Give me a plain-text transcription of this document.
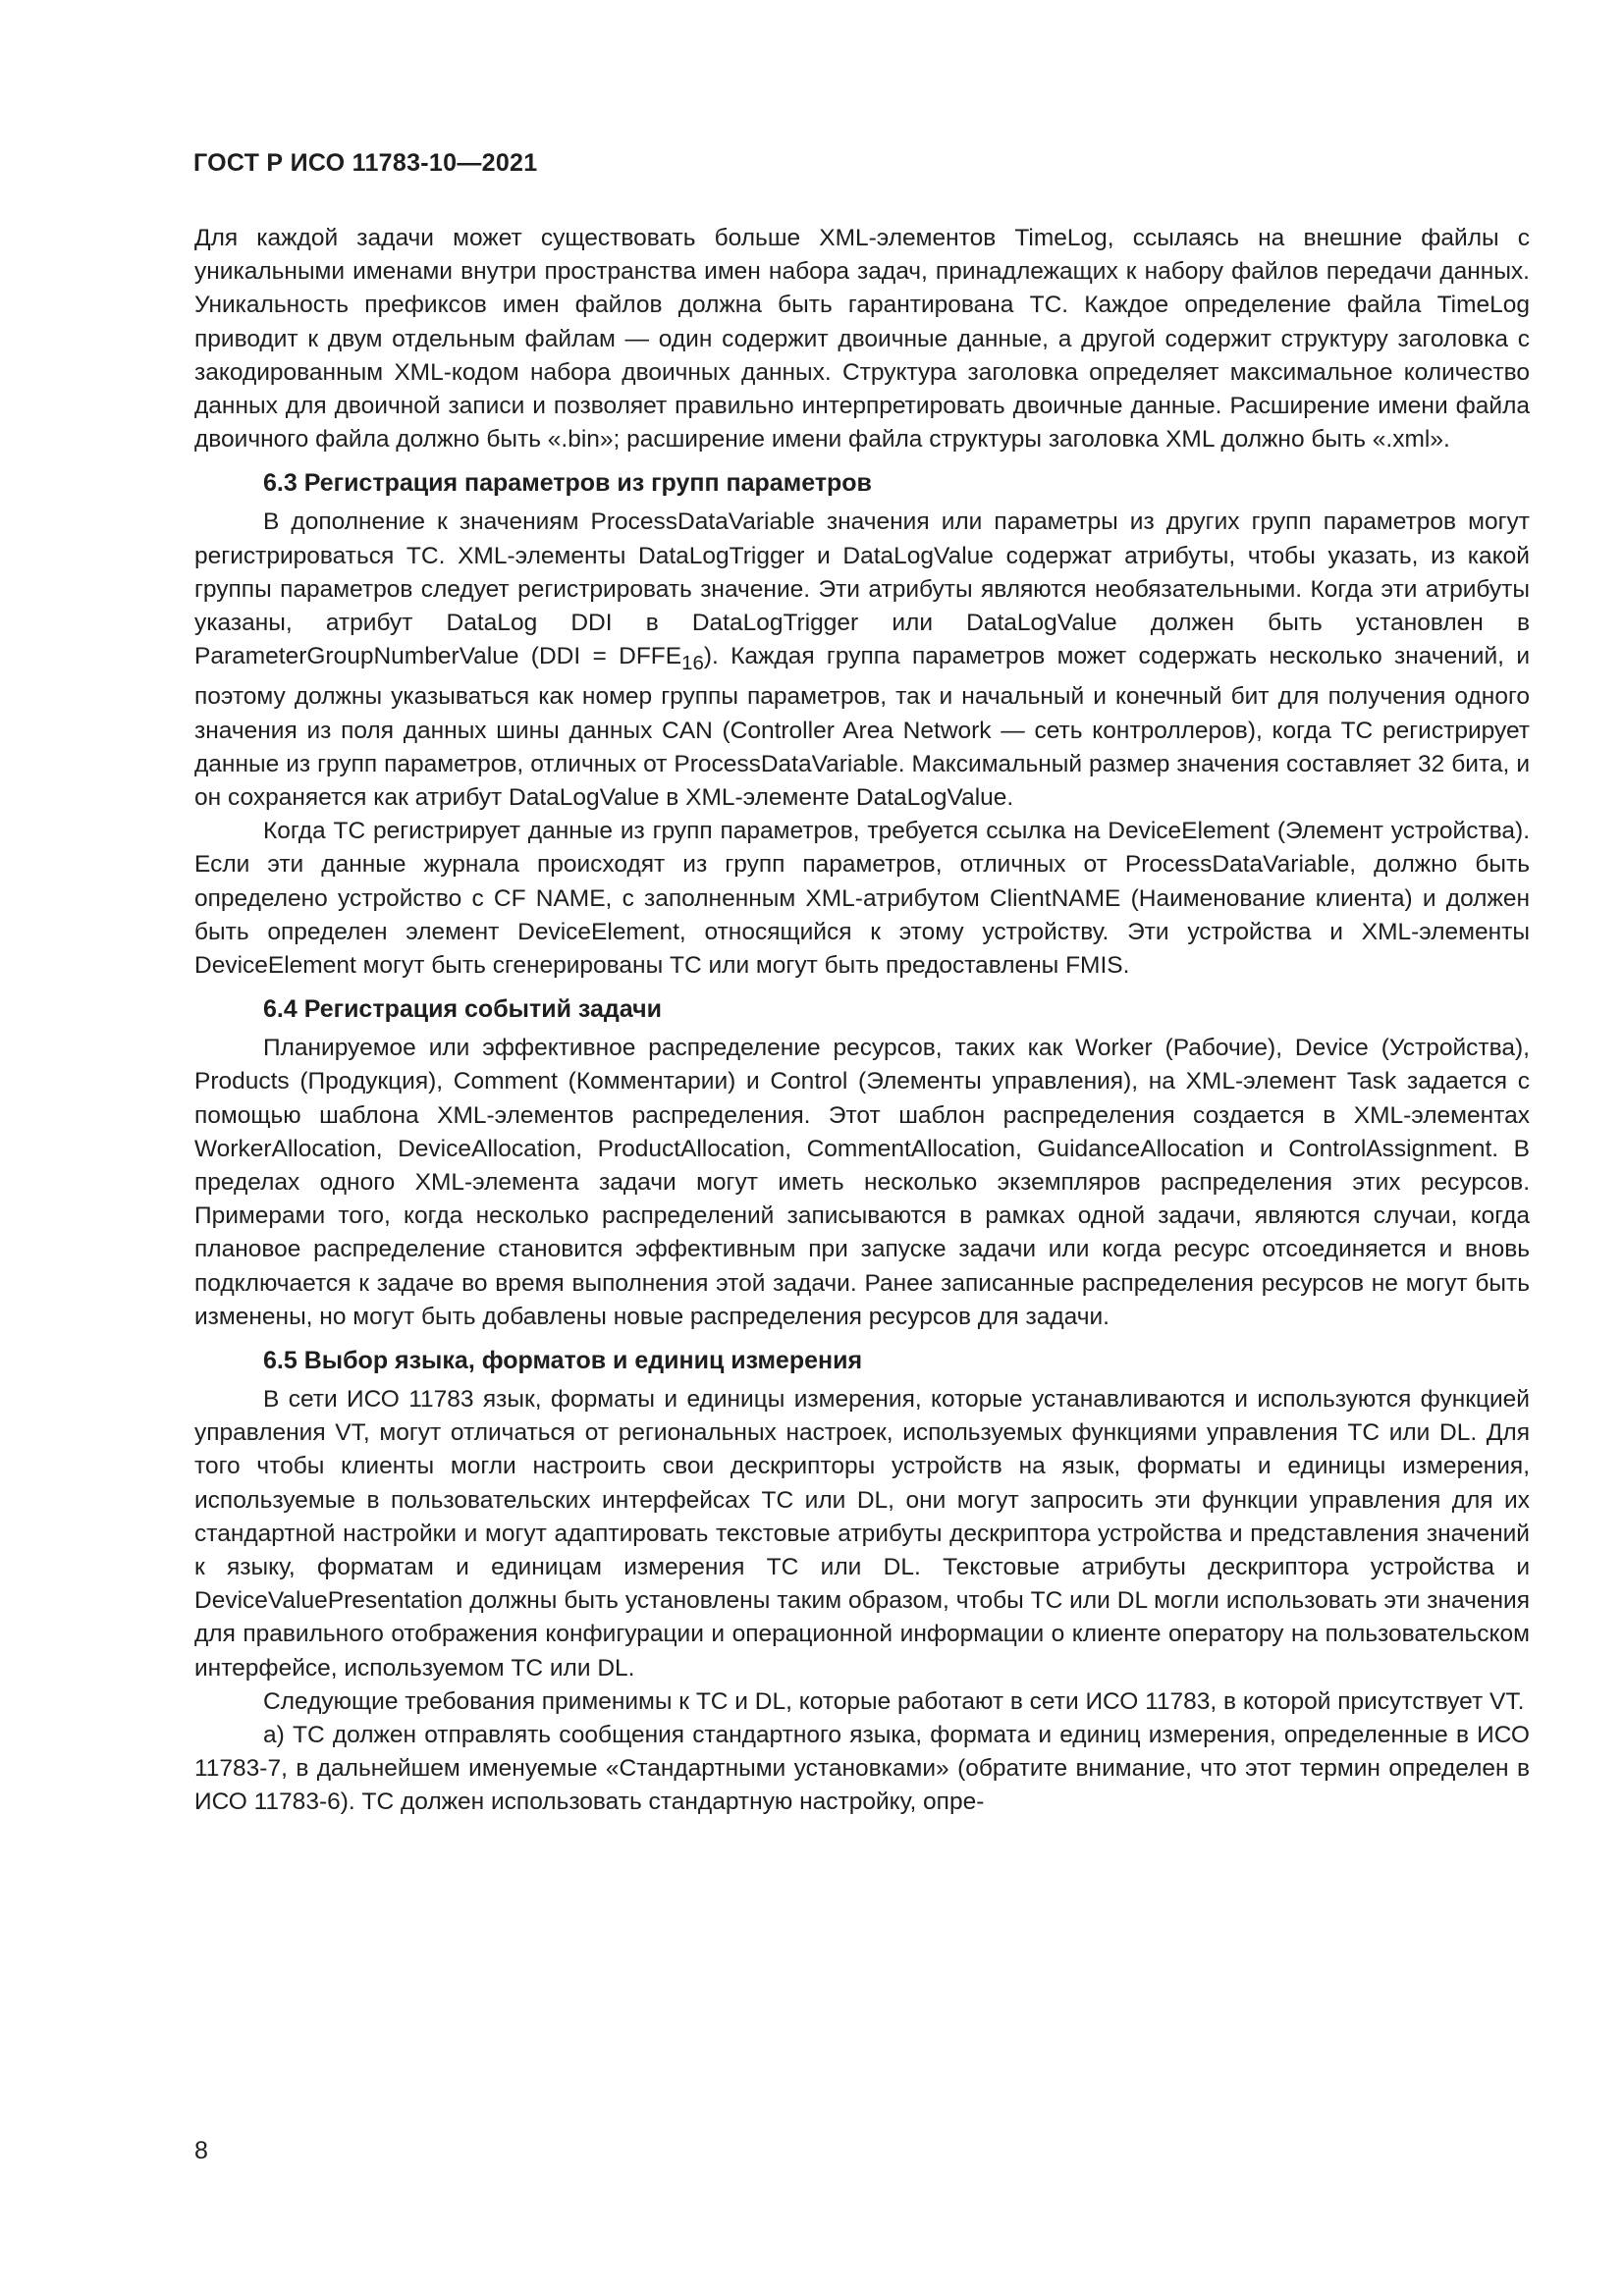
ГОСТ Р ИСО 11783-10—2021

Для каждой задачи может существовать больше XML-элементов TimeLog, ссылаясь на внешние файлы с уникальными именами внутри пространства имен набора задач, принадлежащих к набору файлов передачи данных. Уникальность префиксов имен файлов должна быть гарантирована TC. Каждое определение файла TimeLog приводит к двум отдельным файлам — один содержит двоичные данные, а другой содержит структуру заголовка с закодированным XML-кодом набора двоичных данных. Структура заголовка определяет максимальное количество данных для двоичной записи и позволяет правильно интерпретировать двоичные данные. Расширение имени файла двоичного файла должно быть «.bin»; расширение имени файла структуры заголовка XML должно быть «.xml».

6.3 Регистрация параметров из групп параметров

В дополнение к значениям ProcessDataVariable значения или параметры из других групп параметров могут регистрироваться TC. XML-элементы DataLogTrigger и DataLogValue содержат атрибуты, чтобы указать, из какой группы параметров следует регистрировать значение. Эти атрибуты являются необязательными. Когда эти атрибуты указаны, атрибут DataLog DDI в DataLogTrigger или DataLogValue должен быть установлен в ParameterGroupNumberValue $(DDI = DFFE_{16})$. Каждая группа параметров может содержать несколько значений, и поэтому должны указываться как номер группы параметров, так и начальный и конечный бит для получения одного значения из поля данных шины данных CAN (Controller Area Network — сеть контроллеров), когда TC регистрирует данные из групп параметров, отличных от ProcessDataVariable. Максимальный размер значения составляет 32 бита, и он сохраняется как атрибут DataLogValue в XML-элементе DataLogValue.

Когда TC регистрирует данные из групп параметров, требуется ссылка на DeviceElement (Элемент устройства). Если эти данные журнала происходят из групп параметров, отличных от ProcessDataVariable, должно быть определено устройство с CF NAME, с заполненным XML-атрибутом ClientNAME (Наименование клиента) и должен быть определен элемент DeviceElement, относящийся к этому устройству. Эти устройства и XML-элементы DeviceElement могут быть сгенерированы TC или могут быть предоставлены FMIS.

6.4 Регистрация событий задачи

Планируемое или эффективное распределение ресурсов, таких как Worker (Рабочие), Device (Устройства), Products (Продукция), Comment (Комментарии) и Control (Элементы управления), на XML-элемент Task задается с помощью шаблона XML-элементов распределения. Этот шаблон распределения создается в XML-элементах WorkerAllocation, DeviceAllocation, ProductAllocation, CommentAllocation, GuidanceAllocation и ControlAssignment. В пределах одного XML-элемента задачи могут иметь несколько экземпляров распределения этих ресурсов. Примерами того, когда несколько распределений записываются в рамках одной задачи, являются случаи, когда плановое распределение становится эффективным при запуске задачи или когда ресурс отсоединяется и вновь подключается к задаче во время выполнения этой задачи. Ранее записанные распределения ресурсов не могут быть изменены, но могут быть добавлены новые распределения ресурсов для задачи.

6.5 Выбор языка, форматов и единиц измерения

В сети ИСО 11783 язык, форматы и единицы измерения, которые устанавливаются и используются функцией управления VT, могут отличаться от региональных настроек, используемых функциями управления TC или DL. Для того чтобы клиенты могли настроить свои дескрипторы устройств на язык, форматы и единицы измерения, используемые в пользовательских интерфейсах TC или DL, они могут запросить эти функции управления для их стандартной настройки и могут адаптировать текстовые атрибуты дескриптора устройства и представления значений к языку, форматам и единицам измерения TC или DL. Текстовые атрибуты дескриптора устройства и DeviceValuePresentation должны быть установлены таким образом, чтобы TC или DL могли использовать эти значения для правильного отображения конфигурации и операционной информации о клиенте оператору на пользовательском интерфейсе, используемом TC или DL.

Следующие требования применимы к TC и DL, которые работают в сети ИСО 11783, в которой присутствует VT.

а) TC должен отправлять сообщения стандартного языка, формата и единиц измерения, определенные в ИСО 11783-7, в дальнейшем именуемые «Стандартными установками» (обратите внимание, что этот термин определен в ИСО 11783-6). TC должен использовать стандартную настройку, опре-

8
